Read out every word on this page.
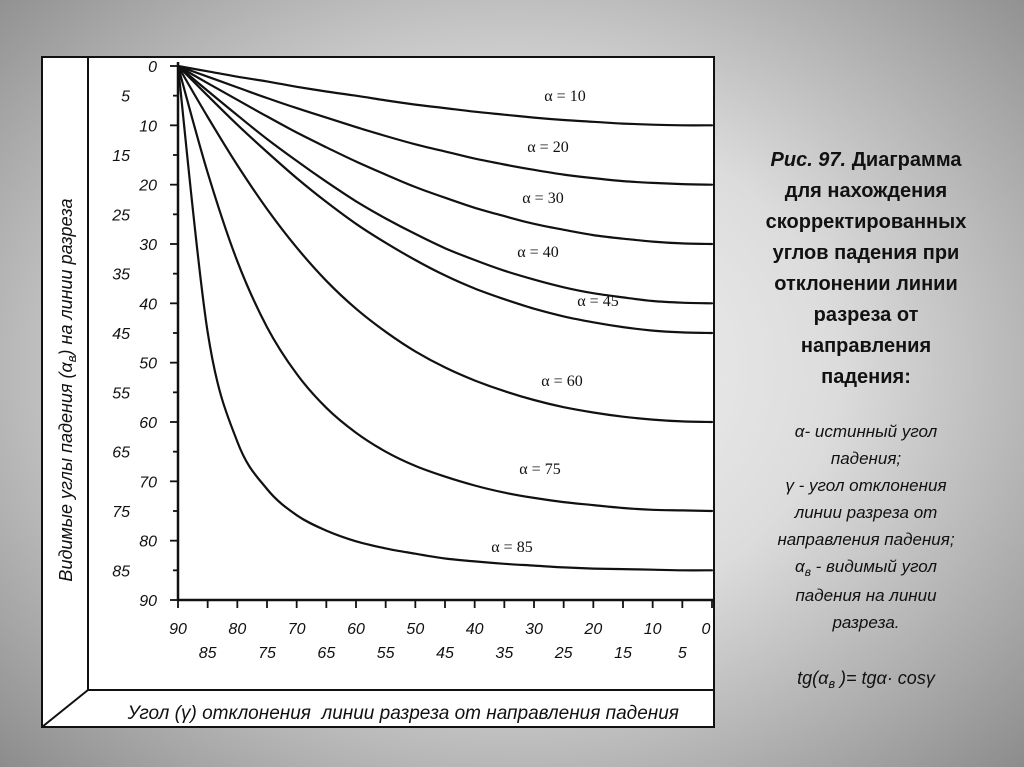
Видимые углы падения $(\alpha_в)$ на линии разреза
Угол (γ) отклонения  линии разреза от направления падения
0
5
10
15
20
25
30
35
40
45
50
55
60
65
70
75
80
85
90
90
85
80
75
70
65
60
55
50
45
40
35
30
25
20
15
10
5
0
α = 10
α = 20
α = 30
α = 40
α = 45
α = 60
α = 75
α = 85
Рис. 97. Диаграмма
для нахождения
скорректированных
углов падения при
отклонении линии
разреза от
направления
падения:
α- истинный угол
падения;
γ - угол отклонения
линии разреза от
направления падения;
$\alpha_в$ - видимый угол
падения на линии
разреза.
$tg(\alpha_в$ )= tgα· cosγ
